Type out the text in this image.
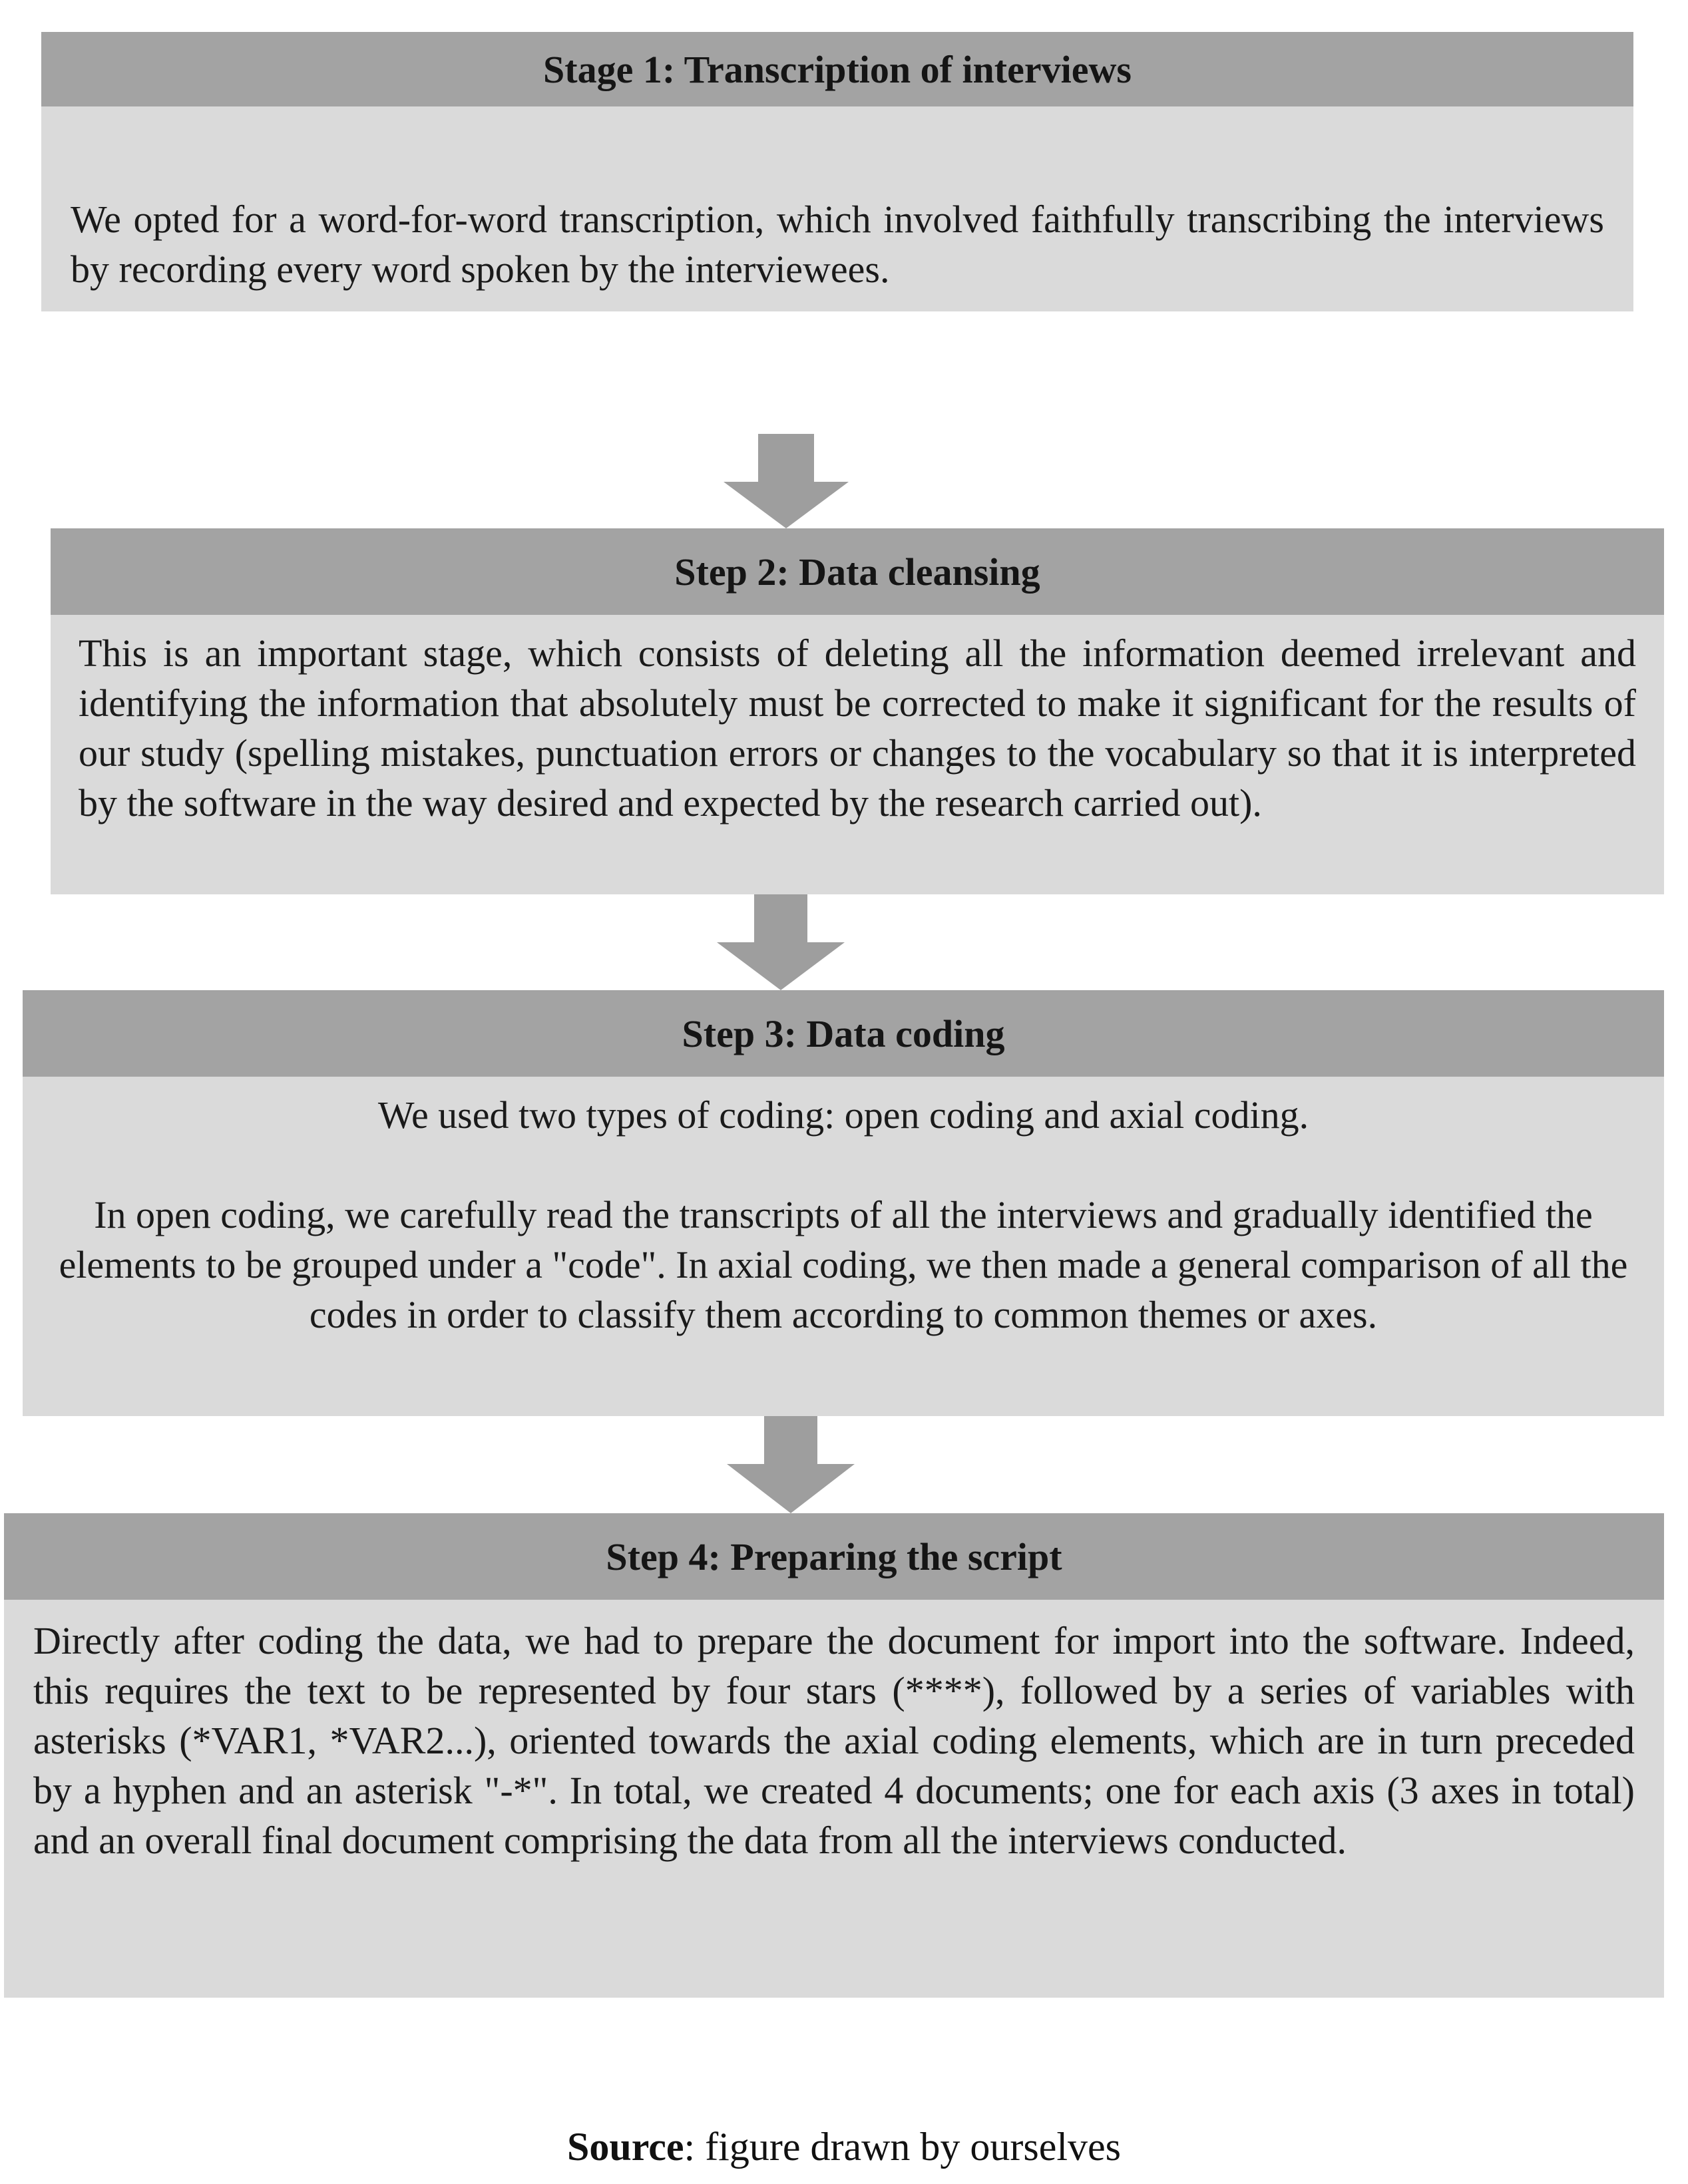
Stage 1: Transcription of interviews

We opted for a word-for-word transcription, which involved faithfully transcribing the interviews by recording every word spoken by the interviewees.

Step 2: Data cleansing

This is an important stage, which consists of deleting all the information deemed irrelevant and identifying the information that absolutely must be corrected to make it significant for the results of our study (spelling mistakes, punctuation errors or changes to the vocabulary so that it is interpreted by the software in the way desired and expected by the research carried out).

Step 3: Data coding

We used two types of coding: open coding and axial coding.

In open coding, we carefully read the transcripts of all the interviews and gradually identified the elements to be grouped under a "code". In axial coding, we then made a general comparison of all the codes in order to classify them according to common themes or axes.

Step 4: Preparing the script

Directly after coding the data, we had to prepare the document for import into the software. Indeed, this requires the text to be represented by four stars (****), followed by a series of variables with asterisks (*VAR1, *VAR2...), oriented towards the axial coding elements, which are in turn preceded by a hyphen and an asterisk "-*". In total, we created 4 documents; one for each axis (3 axes in total) and an overall final document comprising the data from all the interviews conducted.

Source: figure drawn by ourselves
